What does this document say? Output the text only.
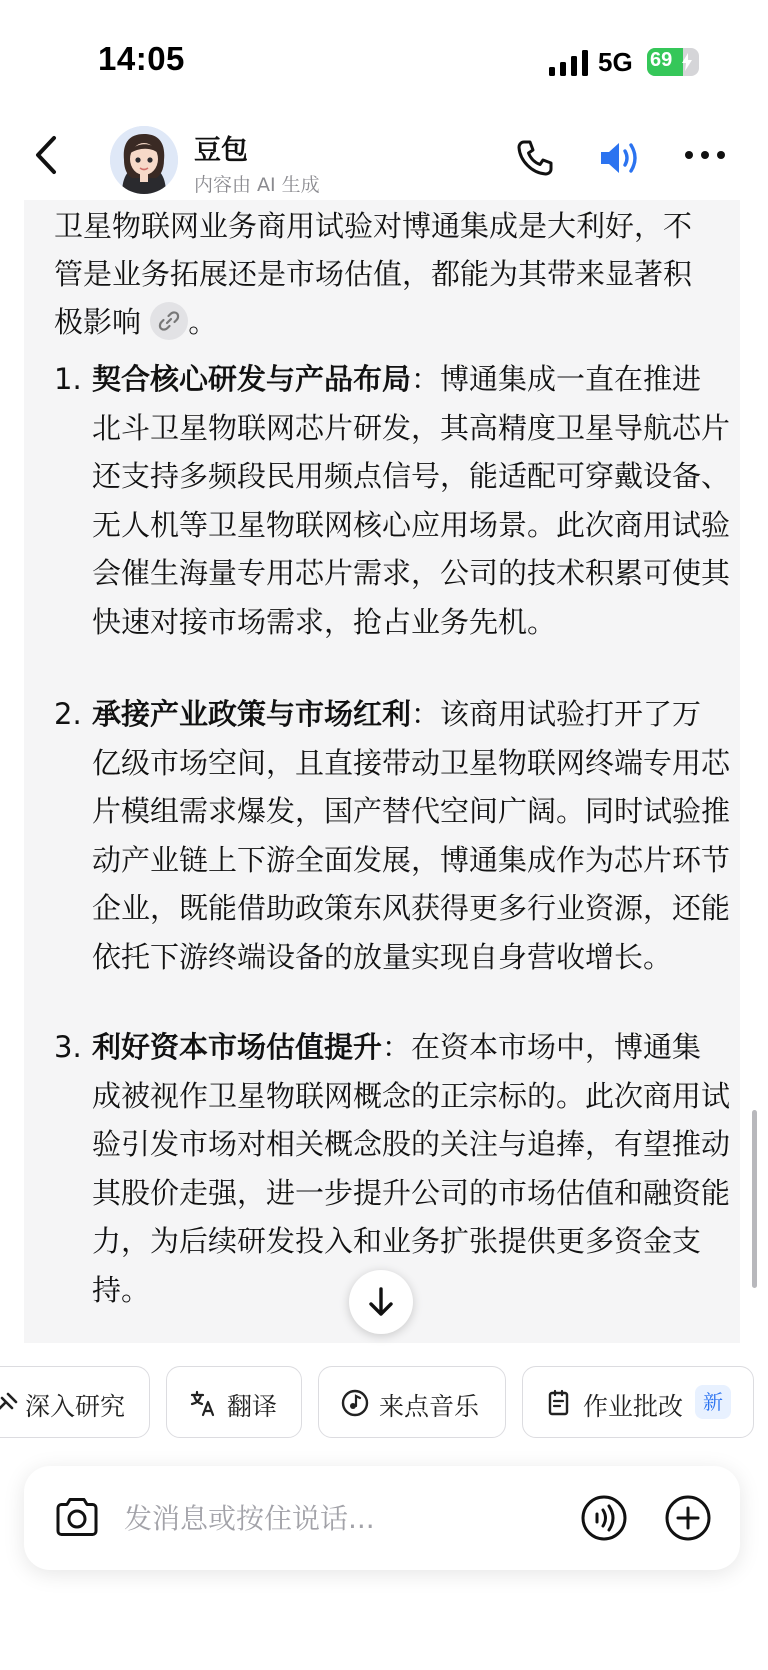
14:05	5G 69
豆包
内容由 AI 生成

卫星物联网业务商用试验对博通集成是大利好，不管是业务拓展还是市场估值，都能为其带来显著积极影响 。

1. 契合核心研发与产品布局：博通集成一直在推进北斗卫星物联网芯片研发，其高精度卫星导航芯片还支持多频段民用频点信号，能适配可穿戴设备、无人机等卫星物联网核心应用场景。此次商用试验会催生海量专用芯片需求，公司的技术积累可使其快速对接市场需求，抢占业务先机。
2. 承接产业政策与市场红利：该商用试验打开了万亿级市场空间，且直接带动卫星物联网终端专用芯片模组需求爆发，国产替代空间广阔。同时试验推动产业链上下游全面发展，博通集成作为芯片环节企业，既能借助政策东风获得更多行业资源，还能依托下游终端设备的放量实现自身营收增长。
3. 利好资本市场估值提升：在资本市场中，博通集成被视作卫星物联网概念的正宗标的。此次商用试验引发市场对相关概念股的关注与追捧，有望推动其股价走强，进一步提升公司的市场估值和融资能力，为后续研发投入和业务扩张提供更多资金支持。
深入研究	翻译	来点音乐	作业批改 新
发消息或按住说话...
